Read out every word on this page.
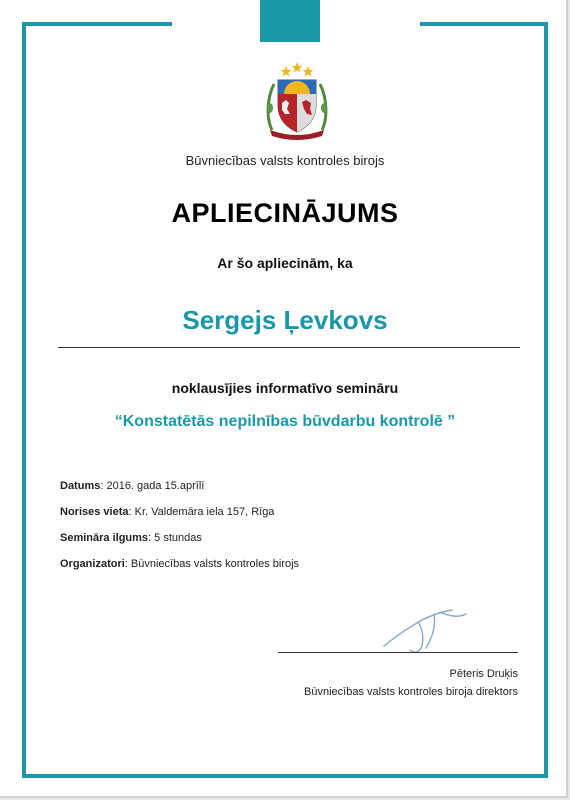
Būvniecības valsts kontroles birojs
APLIECINĀJUMS
Ar šo apliecinām, ka
Sergejs Ļevkovs
noklausījies informatīvo semināru
“Konstatētās nepilnības būvdarbu kontrolē ”
Datums: 2016. gada 15.aprīlī
Norises vieta: Kr. Valdemāra iela 157, Rīga
Semināra ilgums: 5 stundas
Organizatori: Būvniecības valsts kontroles birojs
Pēteris Druķis
Būvniecības valsts kontroles biroja direktors
